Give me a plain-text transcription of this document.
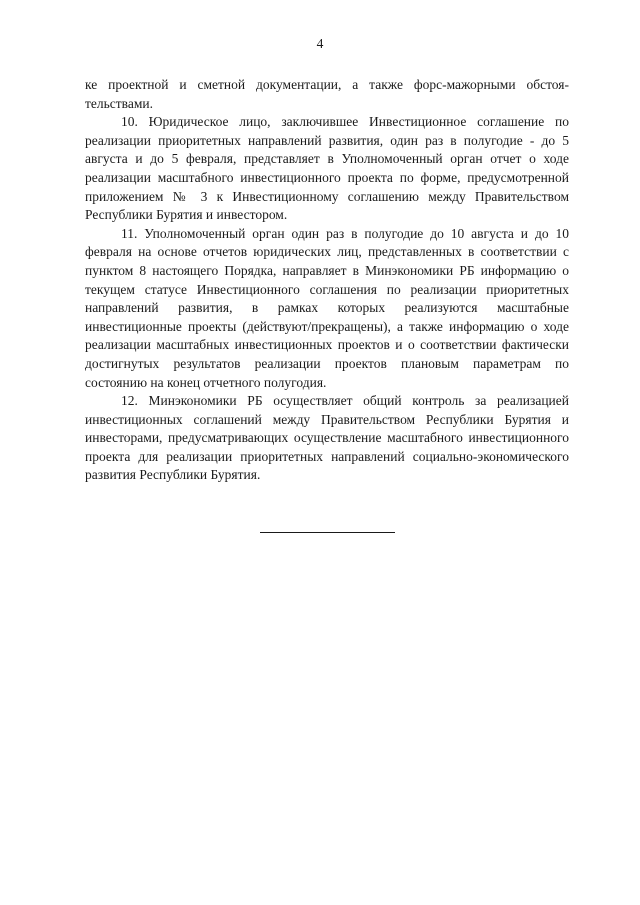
4

ке проектной и сметной документации, а также форс-мажорными обстоятельствами.

10. Юридическое лицо, заключившее Инвестиционное соглашение по реализации приоритетных направлений развития, один раз в полугодие - до 5 августа и до 5 февраля, представляет в Уполномоченный орган отчет о ходе реализации масштабного инвестиционного проекта по форме, предусмотренной приложением № 3 к Инвестиционному соглашению между Правительством Республики Бурятия и инвестором.

11. Уполномоченный орган один раз в полугодие до 10 августа и до 10 февраля на основе отчетов юридических лиц, представленных в соответствии с пунктом 8 настоящего Порядка, направляет в Минэкономики РБ информацию о текущем статусе Инвестиционного соглашения по реализации приоритетных направлений развития, в рамках которых реализуются масштабные инвестиционные проекты (действуют/прекращены), а также информацию о ходе реализации масштабных инвестиционных проектов и о соответствии фактически достигнутых результатов реализации проектов плановым параметрам по состоянию на конец отчетного полугодия.

12. Минэкономики РБ осуществляет общий контроль за реализацией инвестиционных соглашений между Правительством Республики Бурятия и инвесторами, предусматривающих осуществление масштабного инвестиционного проекта для реализации приоритетных направлений социально-экономического развития Республики Бурятия.
